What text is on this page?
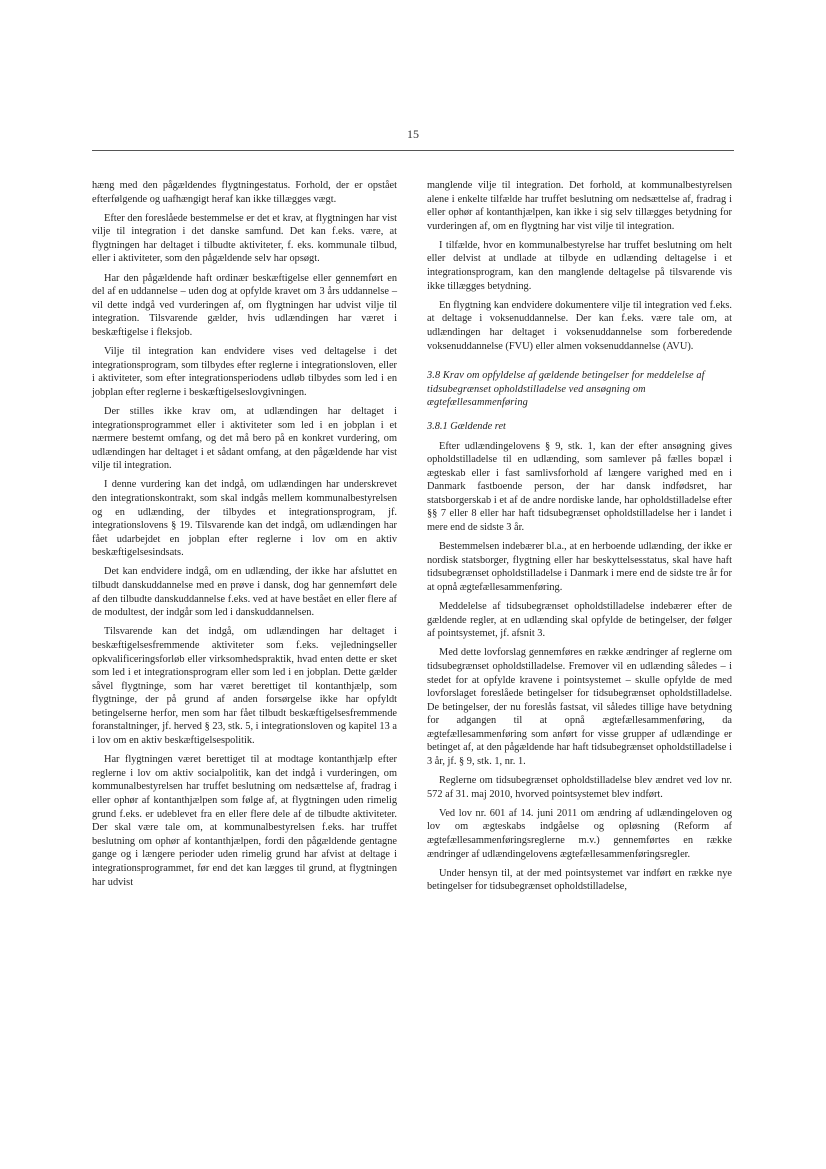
15

hæng med den pågældendes flygtningestatus. Forhold, der er opstået efterfølgende og uafhængigt heraf kan ikke tillægges vægt.

Efter den foreslåede bestemmelse er det et krav, at flygtningen har vist vilje til integration i det danske samfund. Det kan f.eks. være, at flygtningen har deltaget i tilbudte aktiviteter, f. eks. kommunale tilbud, eller i aktiviteter, som den pågældende selv har opsøgt.

Har den pågældende haft ordinær beskæftigelse eller gennemført en del af en uddannelse – uden dog at opfylde kravet om 3 års uddannelse – vil dette indgå ved vurderingen af, om flygtningen har udvist vilje til integration. Tilsvarende gælder, hvis udlændingen har været i beskæftigelse i fleksjob.

Vilje til integration kan endvidere vises ved deltagelse i det integrationsprogram, som tilbydes efter reglerne i integrationsloven, eller i aktiviteter, som efter integrationsperiodens udløb tilbydes som led i en jobplan efter reglerne i beskæftigelseslovgivningen.

Der stilles ikke krav om, at udlændingen har deltaget i integrationsprogrammet eller i aktiviteter som led i en jobplan i et nærmere bestemt omfang, og det må bero på en konkret vurdering, om udlændingen har deltaget i et sådant omfang, at den pågældende har vist vilje til integration.

I denne vurdering kan det indgå, om udlændingen har underskrevet den integrationskontrakt, som skal indgås mellem kommunalbestyrelsen og en udlænding, der tilbydes et integrationsprogram, jf. integrationslovens § 19. Tilsvarende kan det indgå, om udlændingen har fået udarbejdet en jobplan efter reglerne i lov om en aktiv beskæftigelsesindsats.

Det kan endvidere indgå, om en udlænding, der ikke har afsluttet en tilbudt danskuddannelse med en prøve i dansk, dog har gennemført dele af den tilbudte danskuddannelse f.eks. ved at have bestået en eller flere af de modultest, der indgår som led i danskuddannelsen.

Tilsvarende kan det indgå, om udlændingen har deltaget i beskæftigelsesfremmende aktiviteter som f.eks. vejledningseller opkvalificeringsforløb eller virksomhedspraktik, hvad enten dette er sket som led i et integrationsprogram eller som led i en jobplan. Dette gælder såvel flygtninge, som har været berettiget til kontanthjælp, som flygtninge, der på grund af anden forsørgelse ikke har opfyldt betingelserne herfor, men som har fået tilbudt beskæftigelsesfremmende foranstaltninger, jf. herved § 23, stk. 5, i integrationsloven og kapitel 13 a i lov om en aktiv beskæftigelsespolitik.

Har flygtningen været berettiget til at modtage kontanthjælp efter reglerne i lov om aktiv socialpolitik, kan det indgå i vurderingen, om kommunalbestyrelsen har truffet beslutning om nedsættelse af, fradrag i eller ophør af kontanthjælpen som følge af, at flygtningen uden rimelig grund f.eks. er udeblevet fra en eller flere dele af de tilbudte aktiviteter. Der skal være tale om, at kommunalbestyrelsen f.eks. har truffet beslutning om ophør af kontanthjælpen, fordi den pågældende gentagne gange og i længere perioder uden rimelig grund har afvist at deltage i integrationsprogrammet, før end det kan lægges til grund, at flygtningen har udvist

manglende vilje til integration. Det forhold, at kommunalbestyrelsen alene i enkelte tilfælde har truffet beslutning om nedsættelse af, fradrag i eller ophør af kontanthjælpen, kan ikke i sig selv tillægges betydning for vurderingen af, om en flygtning har vist vilje til integration.

I tilfælde, hvor en kommunalbestyrelse har truffet beslutning om helt eller delvist at undlade at tilbyde en udlænding deltagelse i et integrationsprogram, kan den manglende deltagelse på tilsvarende vis ikke tillægges betydning.

En flygtning kan endvidere dokumentere vilje til integration ved f.eks. at deltage i voksenuddannelse. Der kan f.eks. være tale om, at udlændingen har deltaget i voksenuddannelse som forberedende voksenuddannelse (FVU) eller almen voksenuddannelse (AVU).

3.8 Krav om opfyldelse af gældende betingelser for meddelelse af tidsubegrænset opholdstilladelse ved ansøgning om ægtefællesammenføring

3.8.1 Gældende ret

Efter udlændingelovens § 9, stk. 1, kan der efter ansøgning gives opholdstilladelse til en udlænding, som samlever på fælles bopæl i ægteskab eller i fast samlivsforhold af længere varighed med en i Danmark fastboende person, der har dansk indfødsret, har statsborgerskab i et af de andre nordiske lande, har opholdstilladelse efter §§ 7 eller 8 eller har haft tidsubegrænset opholdstilladelse her i landet i mere end de sidste 3 år.

Bestemmelsen indebærer bl.a., at en herboende udlænding, der ikke er nordisk statsborger, flygtning eller har beskyttelsesstatus, skal have haft tidsubegrænset opholdstilladelse i Danmark i mere end de sidste tre år for at opnå ægtefællesammenføring.

Meddelelse af tidsubegrænset opholdstilladelse indebærer efter de gældende regler, at en udlænding skal opfylde de betingelser, der følger af pointsystemet, jf. afsnit 3.

Med dette lovforslag gennemføres en række ændringer af reglerne om tidsubegrænset opholdstilladelse. Fremover vil en udlænding således – i stedet for at opfylde kravene i pointsystemet – skulle opfylde de med lovforslaget foreslåede betingelser for tidsubegrænset opholdstilladelse. De betingelser, der nu foreslås fastsat, vil således tillige have betydning for adgangen til at opnå ægtefællesammenføring, da ægtefællesammenføring som anført for visse grupper af udlændinge er betinget af, at den pågældende har haft tidsubegrænset opholdstilladelse i 3 år, jf. § 9, stk. 1, nr. 1.

Reglerne om tidsubegrænset opholdstilladelse blev ændret ved lov nr. 572 af 31. maj 2010, hvorved pointsystemet blev indført.

Ved lov nr. 601 af 14. juni 2011 om ændring af udlændingeloven og lov om ægteskabs indgåelse og opløsning (Reform af ægtefællesammenføringsreglerne m.v.) gennemførtes en række ændringer af udlændingelovens ægtefællesammenføringsregler.

Under hensyn til, at der med pointsystemet var indført en række nye betingelser for tidsubegrænset opholdstilladelse,
